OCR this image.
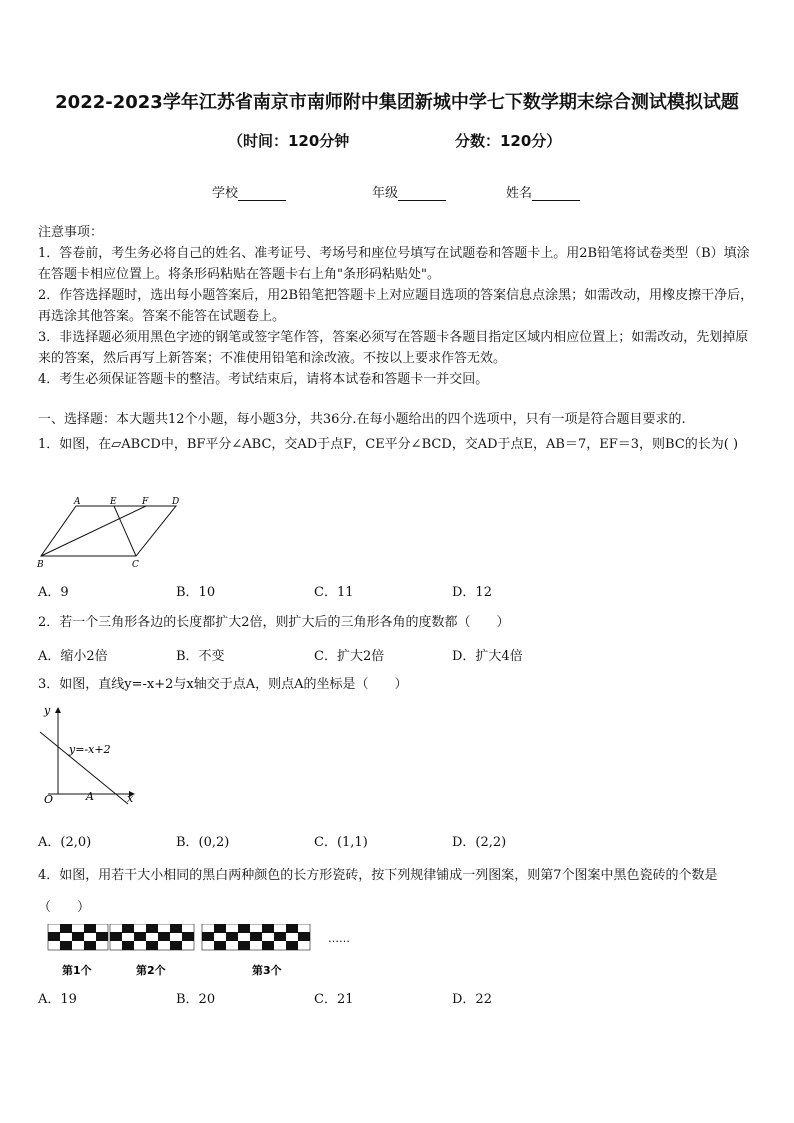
2022-2023学年江苏省南京市南师附中集团新城中学七下数学期末综合测试模拟试题
（时间：120分钟	分数：120分）
学校	年级	姓名

注意事项：

1．答卷前，考生务必将自己的姓名、准考证号、考场号和座位号填写在试题卷和答题卡上。用2B铅笔将试卷类型（B）填涂在答题卡相应位置上。将条形码粘贴在答题卡右上角"条形码粘贴处"。

2．作答选择题时，选出每小题答案后，用2B铅笔把答题卡上对应题目选项的答案信息点涂黑；如需改动，用橡皮擦干净后，再选涂其他答案。答案不能答在试题卷上。

3．非选择题必须用黑色字迹的钢笔或签字笔作答，答案必须写在答题卡各题目指定区域内相应位置上；如需改动，先划掉原来的答案，然后再写上新答案；不准使用铅笔和涂改液。不按以上要求作答无效。

4．考生必须保证答题卡的整洁。考试结束后，请将本试卷和答题卡一并交回。

一、选择题：本大题共12个小题，每小题3分，共36分.在每小题给出的四个选项中，只有一项是符合题目要求的.
1．如图，在▱ABCD中，BF平分∠ABC，交AD于点F，CE平分∠BCD，交AD于点E，AB＝7，EF＝3，则BC的长为( )
A	E	F	D
B	C
A．9	B．10	C．11	D．12
2．若一个三角形各边的长度都扩大2倍，则扩大后的三角形各角的度数都（　　）
A．缩小2倍	B．不变	C．扩大2倍	D．扩大4倍
3．如图，直线y=-x+2与x轴交于点A，则点A的坐标是（　　）
y
y=-x+2
O	A	x
A．(2,0)	B．(0,2)	C．(1,1)	D．(2,2)
4．如图，用若干大小相同的黑白两种颜色的长方形瓷砖，按下列规律铺成一列图案，则第7个图案中黑色瓷砖的个数是（　　）
……
第1个	第2个	第3个
A．19	B．20	C．21	D．22
